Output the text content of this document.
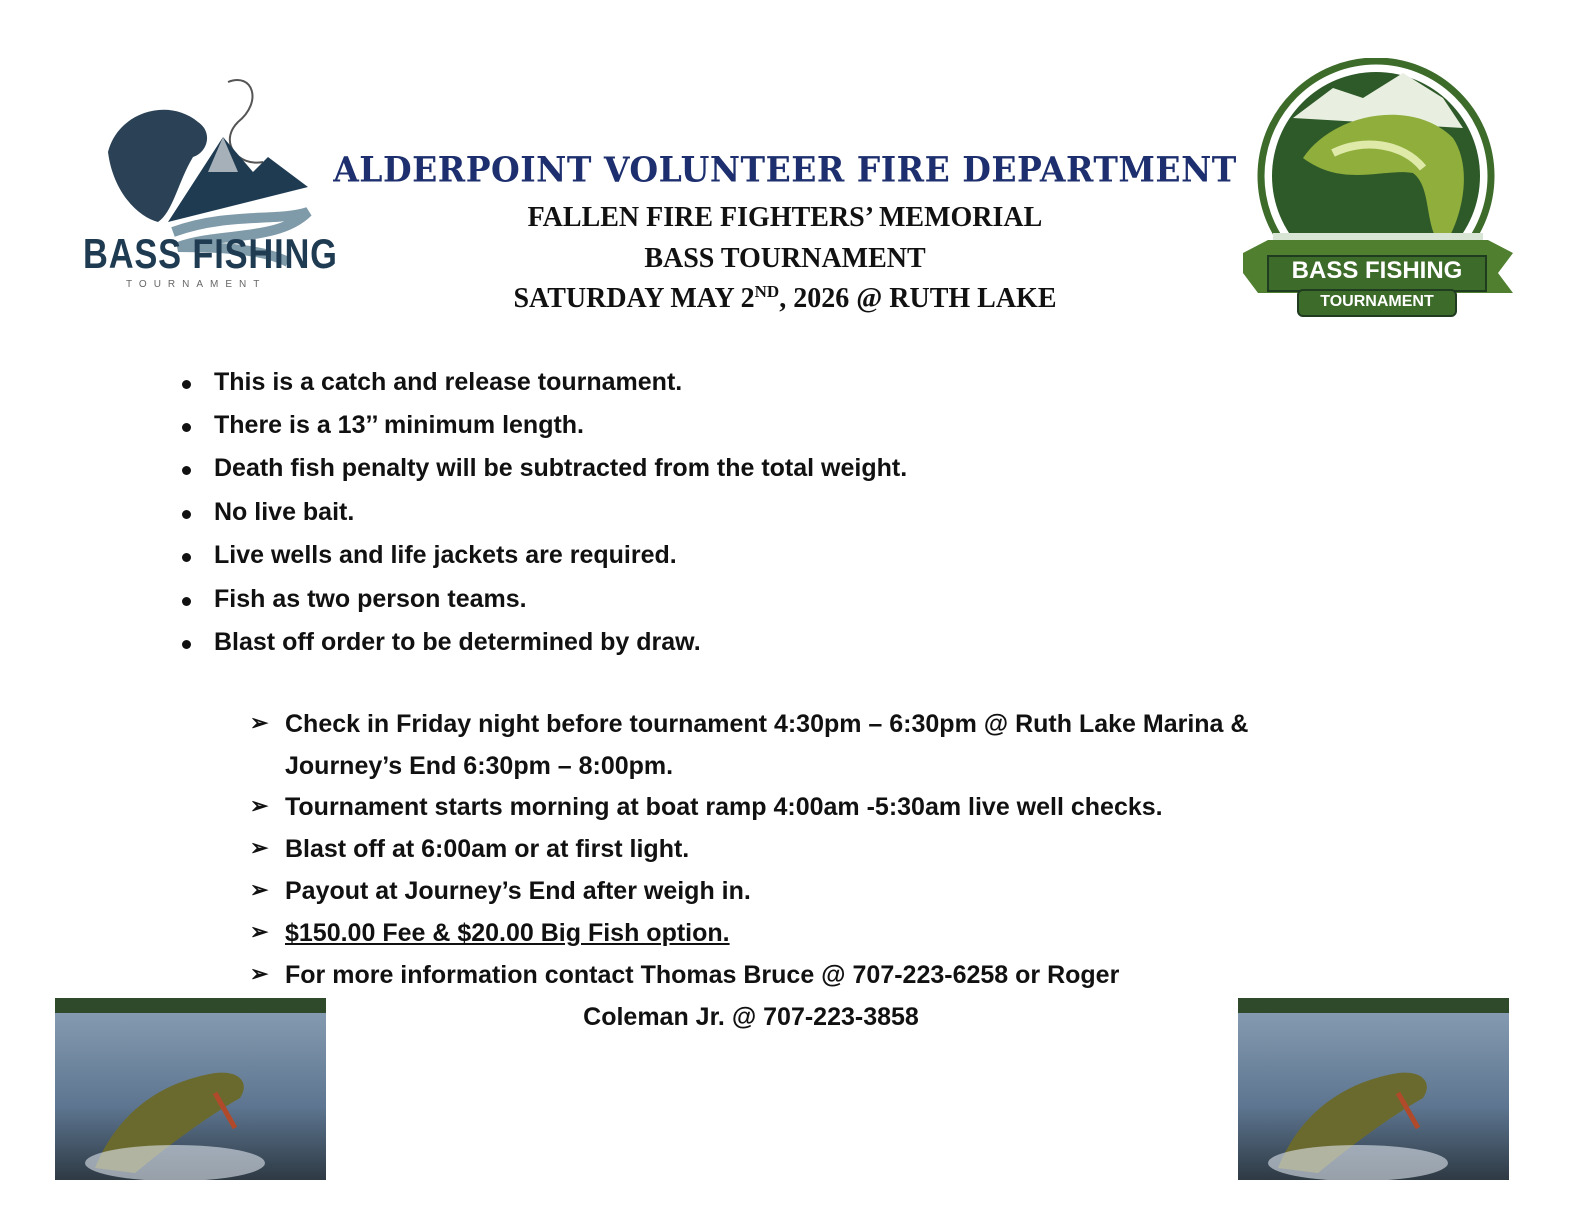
BASS FISHING
TOURNAMENT
BASS FISHING
TOURNAMENT
ALDERPOINT VOLUNTEER FIRE DEPARTMENT
FALLEN FIRE FIGHTERS’ MEMORIAL
BASS TOURNAMENT
SATURDAY MAY 2ND, 2026 @ RUTH LAKE
This is a catch and release tournament.
There is a 13’’ minimum length.
Death fish penalty will be subtracted from the total weight.
No live bait.
Live wells and life jackets are required.
Fish as two person teams.
Blast off order to be determined by draw.
➢ Check in Friday night before tournament 4:30pm – 6:30pm @ Ruth Lake Marina &
Journey’s End 6:30pm – 8:00pm.
➢ Tournament starts morning at boat ramp 4:00am -5:30am live well checks.
➢ Blast off at 6:00am or at first light.
➢ Payout at Journey’s End after weigh in.
➢ $150.00 Fee & $20.00 Big Fish option.
➢ For more information contact Thomas Bruce @ 707-223-6258 or Roger
Coleman Jr. @ 707-223-3858
